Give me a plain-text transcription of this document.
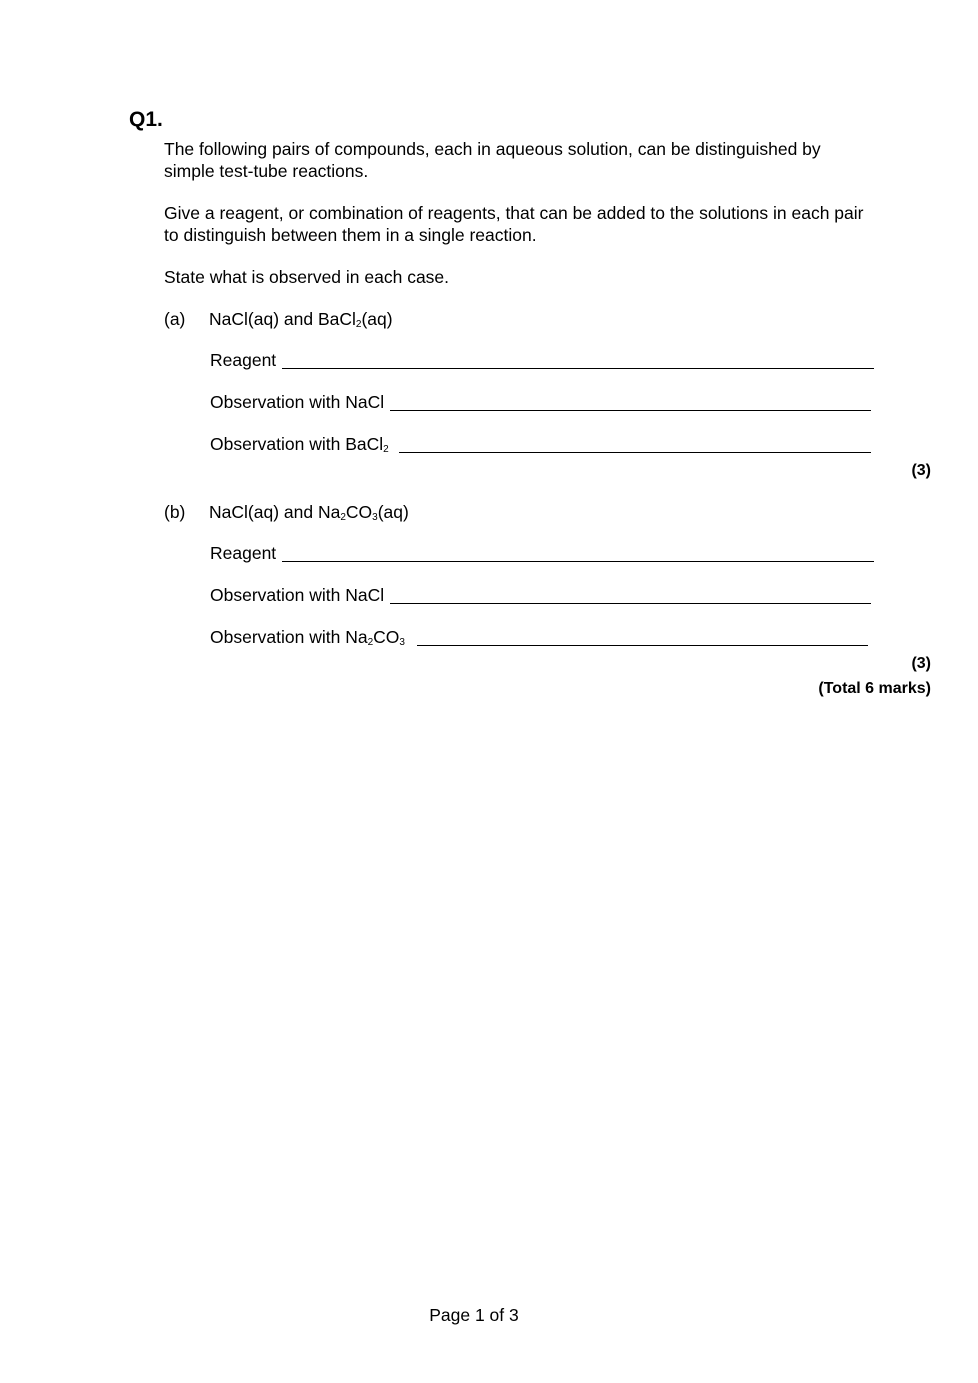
Q1.
The following pairs of compounds, each in aqueous solution, can be distinguished by simple test-tube reactions.
Give a reagent, or combination of reagents, that can be added to the solutions in each pair to distinguish between them in a single reaction.
State what is observed in each case.
(a) NaCl(aq) and BaCl$_2$(aq)
Reagent
Observation with NaCl
Observation with BaCl$_2$
(3)
(b) NaCl(aq) and $Na_2CO_3(aq)$
Reagent
Observation with NaCl
Observation with $Na_2CO_3$
(3)
(Total 6 marks)
Page 1 of 3
